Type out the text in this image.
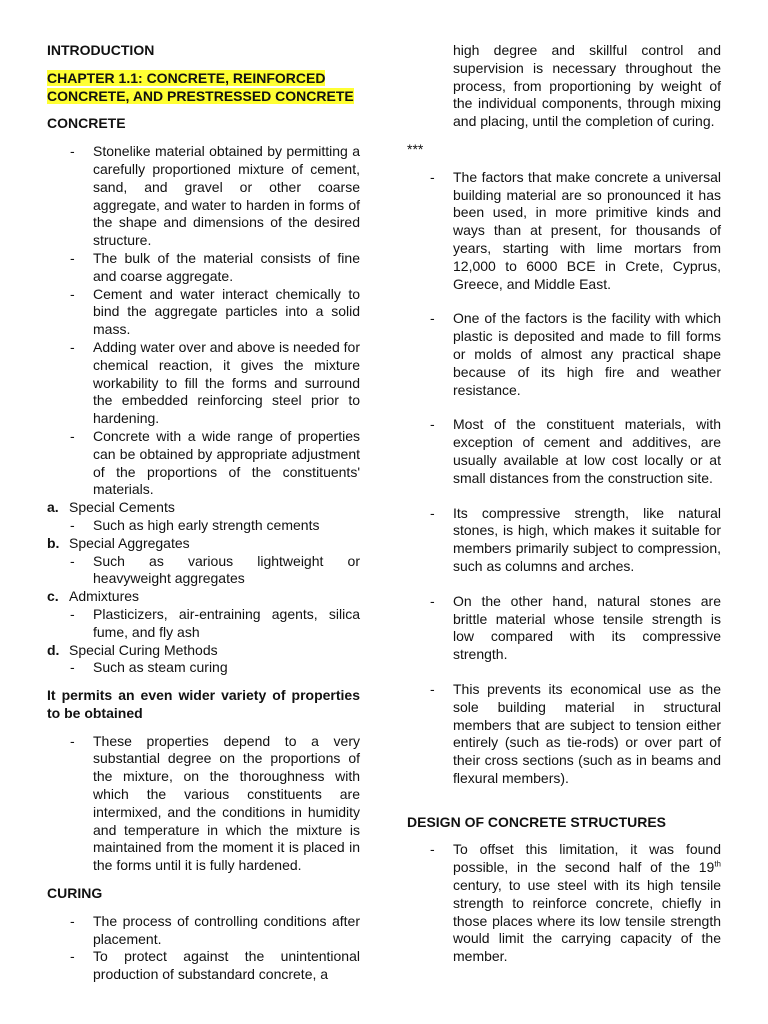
INTRODUCTION

CHAPTER 1.1: CONCRETE, REINFORCED CONCRETE, AND PRESTRESSED CONCRETE

CONCRETE

- Stonelike material obtained by permitting a carefully proportioned mixture of cement, sand, and gravel or other coarse aggregate, and water to harden in forms of the shape and dimensions of the desired structure.

- The bulk of the material consists of fine and coarse aggregate.

- Cement and water interact chemically to bind the aggregate particles into a solid mass.

- Adding water over and above is needed for chemical reaction, it gives the mixture workability to fill the forms and surround the embedded reinforcing steel prior to hardening.

- Concrete with a wide range of properties can be obtained by appropriate adjustment of the proportions of the constituents' materials.

a. Special Cements

- Such as high early strength cements

b. Special Aggregates

- Such as various lightweight or heavyweight aggregates

c. Admixtures

- Plasticizers, air-entraining agents, silica fume, and fly ash

d. Special Curing Methods

- Such as steam curing

It permits an even wider variety of properties to be obtained

- These properties depend to a very substantial degree on the proportions of the mixture, on the thoroughness with which the various constituents are intermixed, and the conditions in humidity and temperature in which the mixture is maintained from the moment it is placed in the forms until it is fully hardened.

CURING

- The process of controlling conditions after placement.

- To protect against the unintentional production of substandard concrete, a

high degree and skillful control and supervision is necessary throughout the process, from proportioning by weight of the individual components, through mixing and placing, until the completion of curing.

***

- The factors that make concrete a universal building material are so pronounced it has been used, in more primitive kinds and ways than at present, for thousands of years, starting with lime mortars from 12,000 to 6000 BCE in Crete, Cyprus, Greece, and Middle East.

- One of the factors is the facility with which plastic is deposited and made to fill forms or molds of almost any practical shape because of its high fire and weather resistance.

- Most of the constituent materials, with exception of cement and additives, are usually available at low cost locally or at small distances from the construction site.

- Its compressive strength, like natural stones, is high, which makes it suitable for members primarily subject to compression, such as columns and arches.

- On the other hand, natural stones are brittle material whose tensile strength is low compared with its compressive strength.

- This prevents its economical use as the sole building material in structural members that are subject to tension either entirely (such as tie-rods) or over part of their cross sections (such as in beams and flexural members).

DESIGN OF CONCRETE STRUCTURES

- To offset this limitation, it was found possible, in the second half of the 19th century, to use steel with its high tensile strength to reinforce concrete, chiefly in those places where its low tensile strength would limit the carrying capacity of the member.
